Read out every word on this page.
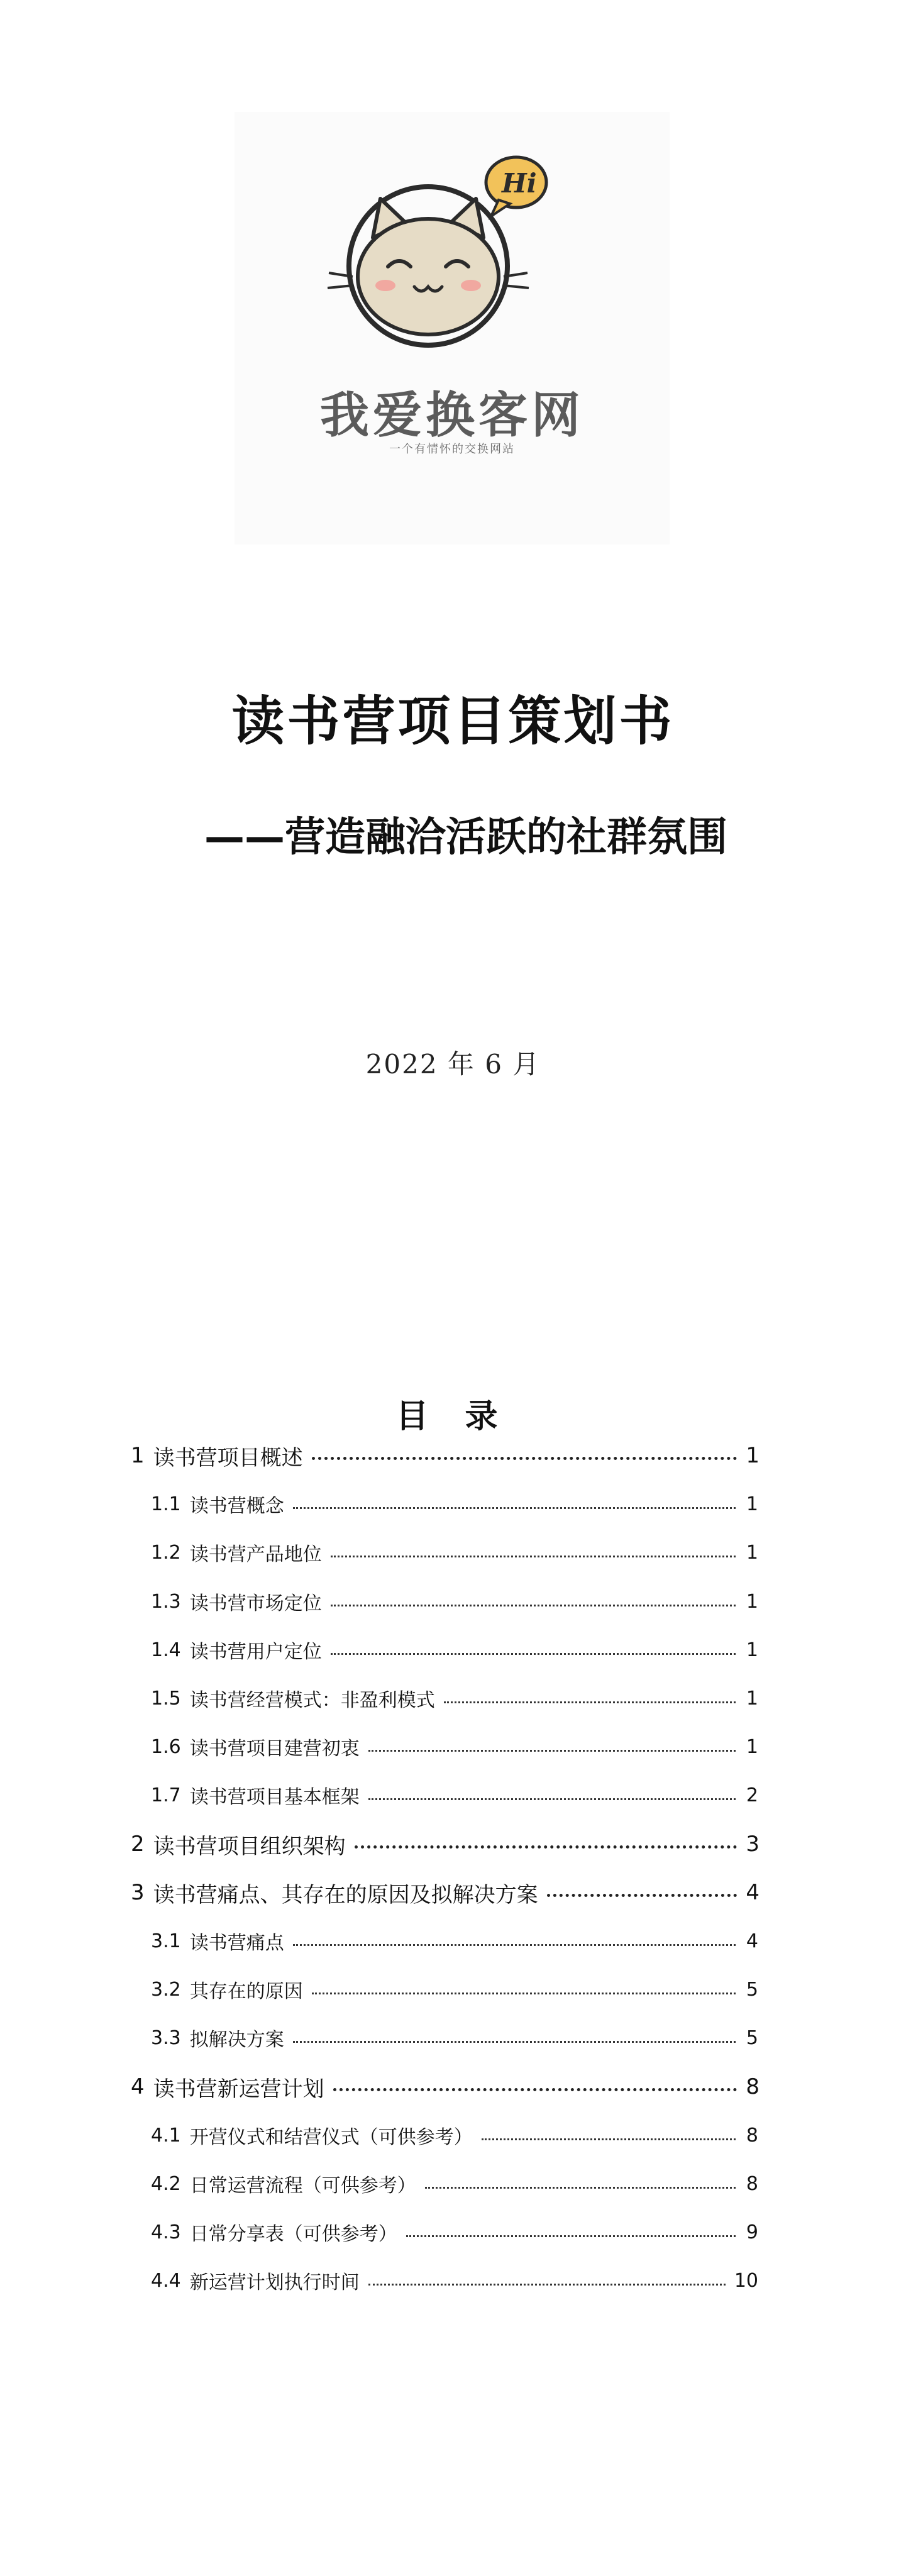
Hi
我爱换客网
一个有情怀的交换网站
读书营项目策划书
——营造融洽活跃的社群氛围
2022 年 6 月
目 录
1 读书营项目概述	1
1.1 读书营概念	1
1.2 读书营产品地位	1
1.3 读书营市场定位	1
1.4 读书营用户定位	1
1.5 读书营经营模式：非盈利模式	1
1.6 读书营项目建营初衷	1
1.7 读书营项目基本框架	2
2 读书营项目组织架构	3
3 读书营痛点、其存在的原因及拟解决方案	4
3.1 读书营痛点	4
3.2 其存在的原因	5
3.3 拟解决方案	5
4 读书营新运营计划	8
4.1 开营仪式和结营仪式（可供参考）	8
4.2 日常运营流程（可供参考）	8
4.3 日常分享表（可供参考）	9
4.4 新运营计划执行时间	10
